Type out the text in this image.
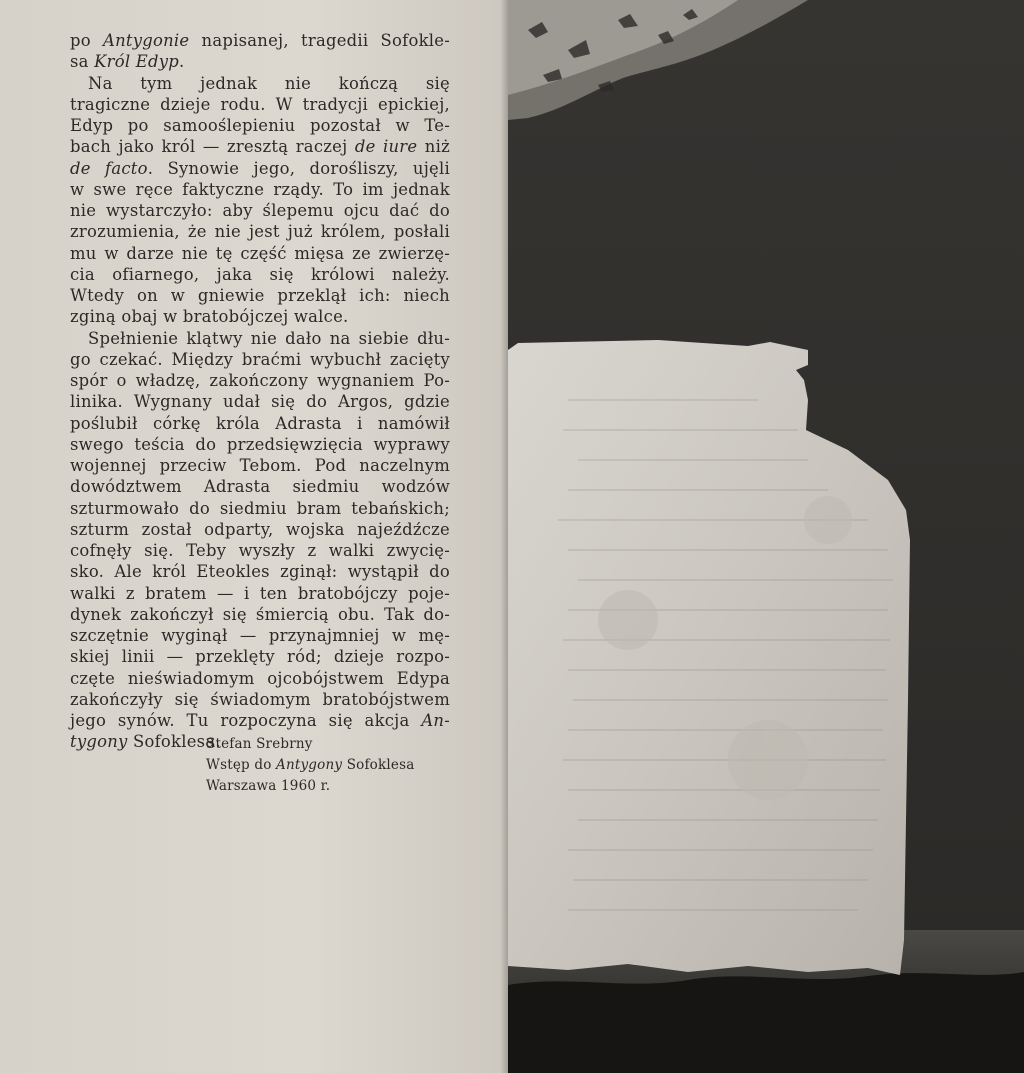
po Antygonie napisanej, tragedii Sofokle-
sa Król Edyp.
Na tym jednak nie kończą się
tragiczne dzieje rodu. W tradycji epickiej,
Edyp po samooślepieniu pozostał w Te-
bach jako król — zresztą raczej de iure niż
de facto. Synowie jego, dorośliszy, ujęli
w swe ręce faktyczne rządy. To im jednak
nie wystarczyło: aby ślepemu ojcu dać do
zrozumienia, że nie jest już królem, posłali
mu w darze nie tę część mięsa ze zwierzę-
cia ofiarnego, jaka się królowi należy.
Wtedy on w gniewie przeklął ich: niech
zginą obaj w bratobójczej walce.
Spełnienie klątwy nie dało na siebie dłu-
go czekać. Między braćmi wybuchł zacięty
spór o władzę, zakończony wygnaniem Po-
linika. Wygnany udał się do Argos, gdzie
poślubił córkę króla Adrasta i namówił
swego teścia do przedsięwzięcia wyprawy
wojennej przeciw Tebom. Pod naczelnym
dowództwem Adrasta siedmiu wodzów
szturmowało do siedmiu bram tebańskich;
szturm został odparty, wojska najeźdźcze
cofnęły się. Teby wyszły z walki zwycię-
sko. Ale król Eteokles zginął: wystąpił do
walki z bratem — i ten bratobójczy poje-
dynek zakończył się śmiercią obu. Tak do-
szczętnie wyginął — przynajmniej w mę-
skiej linii — przeklęty ród; dzieje rozpo-
częte nieświadomym ojcobójstwem Edypa
zakończyły się świadomym bratobójstwem
jego synów. Tu rozpoczyna się akcja An-
tygony Sofoklesa.
Stefan Srebrny
Wstęp do Antygony Sofoklesa
Warszawa 1960 r.
